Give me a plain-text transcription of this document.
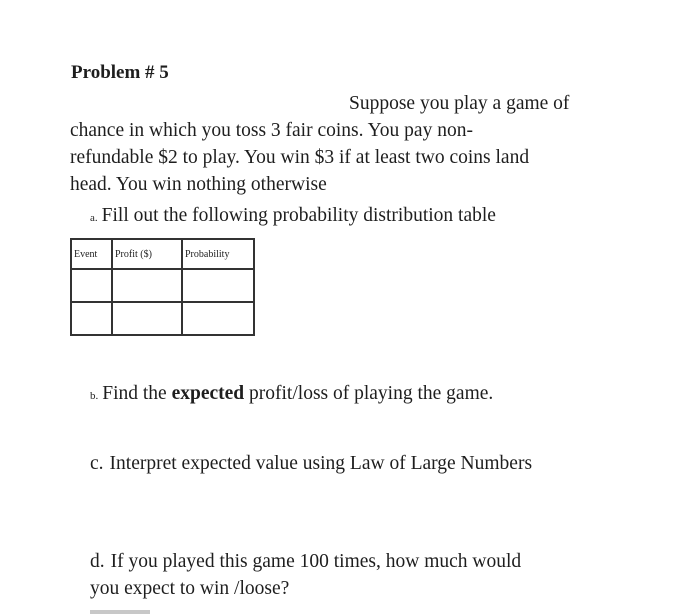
Problem # 5
Suppose you play a game of
chance in which you toss 3 fair coins. You pay non-
refundable $2 to play. You win $3 if at least two coins land
head. You win nothing otherwise
a. Fill out the following probability distribution table
Event	Profit ($)	Probability

b. Find the expected profit/loss of playing the game.
c. Interpret expected value using Law of Large Numbers
d. If you played this game 100 times, how much would
you expect to win /loose?
